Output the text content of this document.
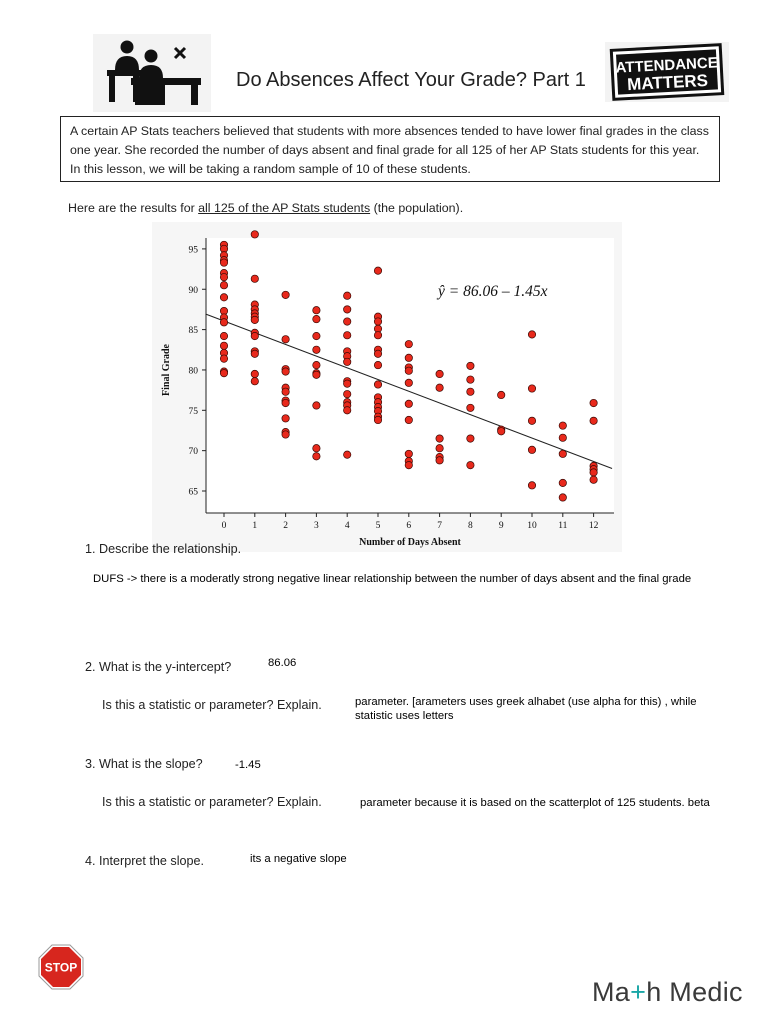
Do Absences Affect Your Grade? Part 1
ATTENDANCE
MATTERS
A certain AP Stats teachers believed that students with more absences tended to have lower final grades in the class one year. She recorded the number of days absent and final grade for all 125 of her AP Stats students for this year. In this lesson, we will be taking a random sample of 10 of these students.
Here are the results for all 125 of the AP Stats students (the population).
0	1	2	3	4	5	6	7	8	9 10 11 12
65
70
75
80
85
90
95
ŷ = 86.06 – 1.45x
Number of Days Absent
Final Grade
1. Describe the relationship.
DUFS -> there is a moderatly strong negative linear relationship between the number of days absent and the final grade
2. What is the y-intercept?	86.06
Is this a statistic or parameter? Explain.	parameter. [arameters uses greek alhabet (use alpha for this) , while
statistic uses letters
3. What is the slope?	-1.45
Is this a statistic or parameter? Explain.	parameter because it is based on the scatterplot of 125 students. beta
4. Interpret the slope.	its a negative slope
STOP
Ma+h Medic
